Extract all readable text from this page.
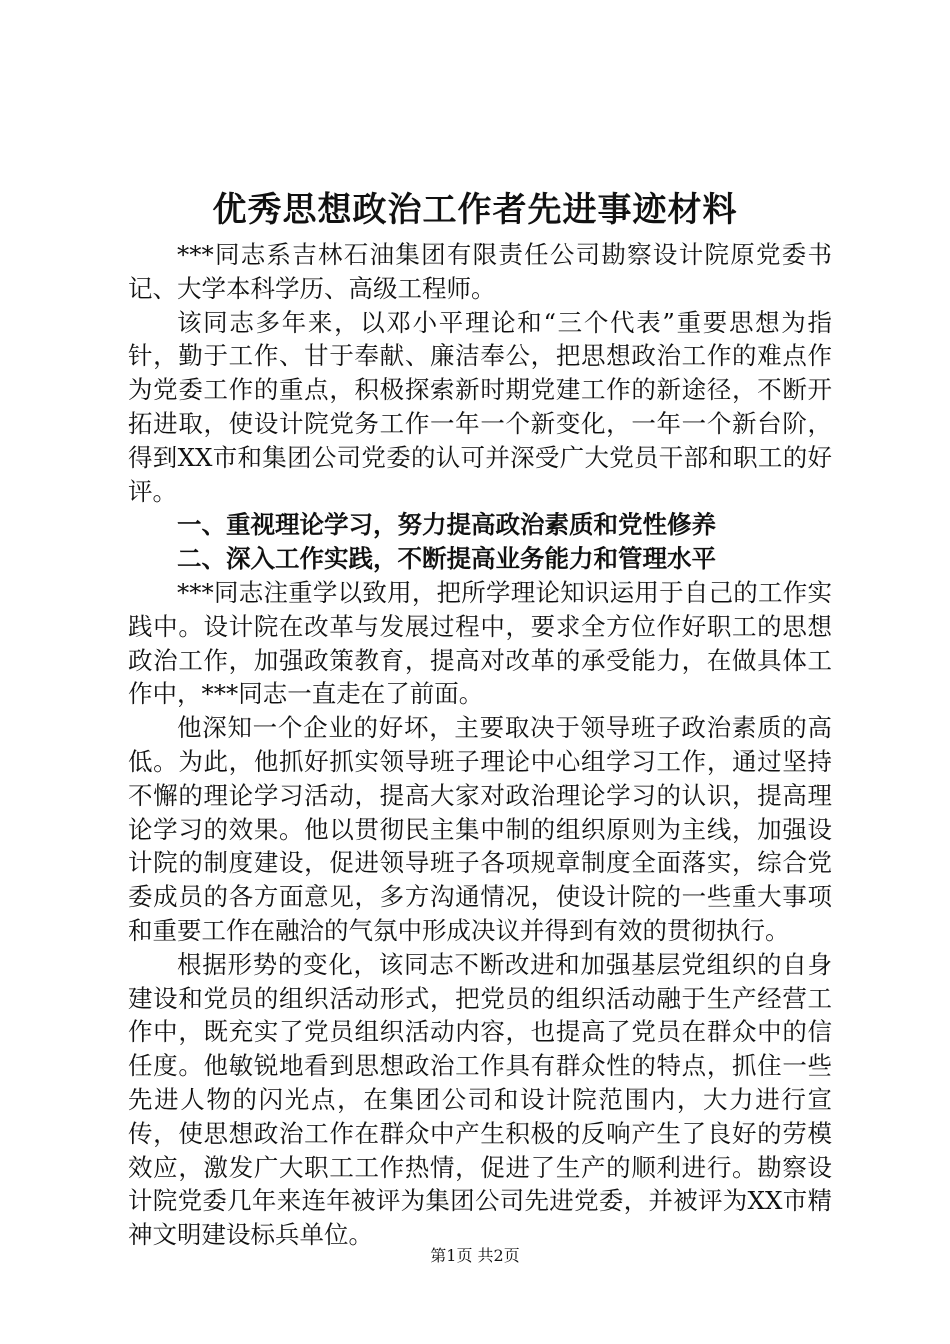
优秀思想政治工作者先进事迹材料

***同志系吉林石油集团有限责任公司勘察设计院原党委书记、大学本科学历、高级工程师。

该同志多年来，以邓小平理论和“三个代表”重要思想为指针，勤于工作、甘于奉献、廉洁奉公，把思想政治工作的难点作为党委工作的重点，积极探索新时期党建工作的新途径，不断开拓进取，使设计院党务工作一年一个新变化，一年一个新台阶，得到XX市和集团公司党委的认可并深受广大党员干部和职工的好评。

一、重视理论学习，努力提高政治素质和党性修养

二、深入工作实践，不断提高业务能力和管理水平

***同志注重学以致用，把所学理论知识运用于自己的工作实践中。设计院在改革与发展过程中，要求全方位作好职工的思想政治工作，加强政策教育，提高对改革的承受能力，在做具体工作中，***同志一直走在了前面。

他深知一个企业的好坏，主要取决于领导班子政治素质的高低。为此，他抓好抓实领导班子理论中心组学习工作，通过坚持不懈的理论学习活动，提高大家对政治理论学习的认识，提高理论学习的效果。他以贯彻民主集中制的组织原则为主线，加强设计院的制度建设，促进领导班子各项规章制度全面落实，综合党委成员的各方面意见，多方沟通情况，使设计院的一些重大事项和重要工作在融洽的气氛中形成决议并得到有效的贯彻执行。

根据形势的变化，该同志不断改进和加强基层党组织的自身建设和党员的组织活动形式，把党员的组织活动融于生产经营工作中，既充实了党员组织活动内容，也提高了党员在群众中的信任度。他敏锐地看到思想政治工作具有群众性的特点，抓住一些先进人物的闪光点，在集团公司和设计院范围内，大力进行宣传，使思想政治工作在群众中产生积极的反响产生了良好的劳模效应，激发广大职工工作热情，促进了生产的顺利进行。勘察设计院党委几年来连年被评为集团公司先进党委，并被评为XX市精神文明建设标兵单位。

第1页 共2页
